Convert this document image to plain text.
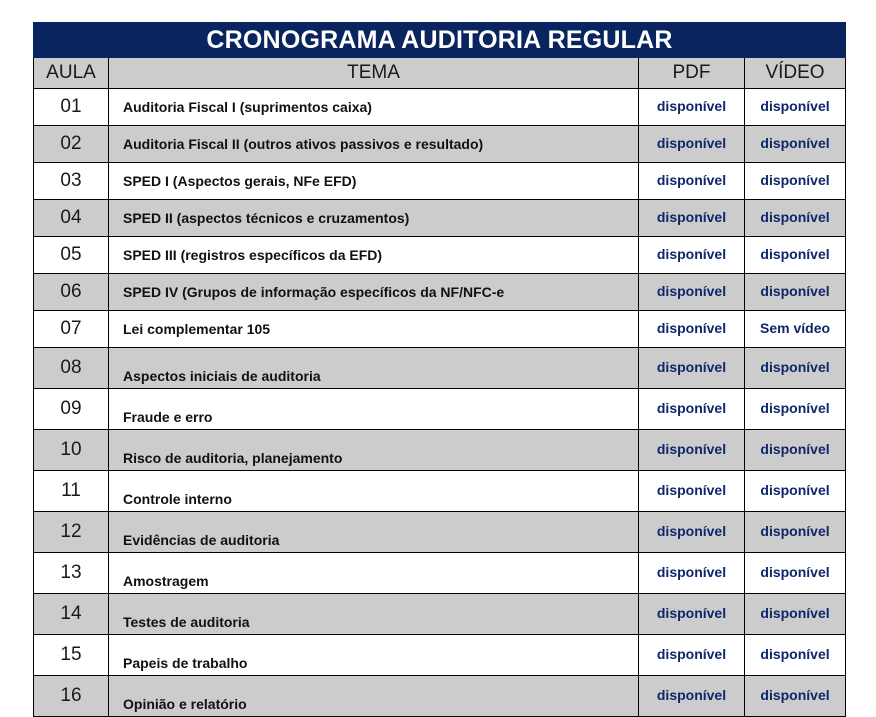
CRONOGRAMA AUDITORIA REGULAR			

AULA	TEMA	PDF	VÍDEO
01	Auditoria Fiscal I (suprimentos caixa)	disponível	disponível
02	Auditoria Fiscal II (outros ativos passivos e resultado)	disponível	disponível
03	SPED I (Aspectos gerais, NFe EFD)	disponível	disponível
04	SPED II (aspectos técnicos e cruzamentos)	disponível	disponível
05	SPED III (registros específicos da EFD)	disponível	disponível
06	SPED IV (Grupos de informação específicos da NF/NFC-e	disponível	disponível
07	Lei complementar 105	disponível	Sem vídeo
08	Aspectos iniciais de auditoria	disponível	disponível
09	Fraude e erro	disponível	disponível
10	Risco de auditoria, planejamento	disponível	disponível
11	Controle interno	disponível	disponível
12	Evidências de auditoria	disponível	disponível
13	Amostragem	disponível	disponível
14	Testes de auditoria	disponível	disponível
15	Papeis de trabalho	disponível	disponível
16	Opinião e relatório	disponível	disponível
